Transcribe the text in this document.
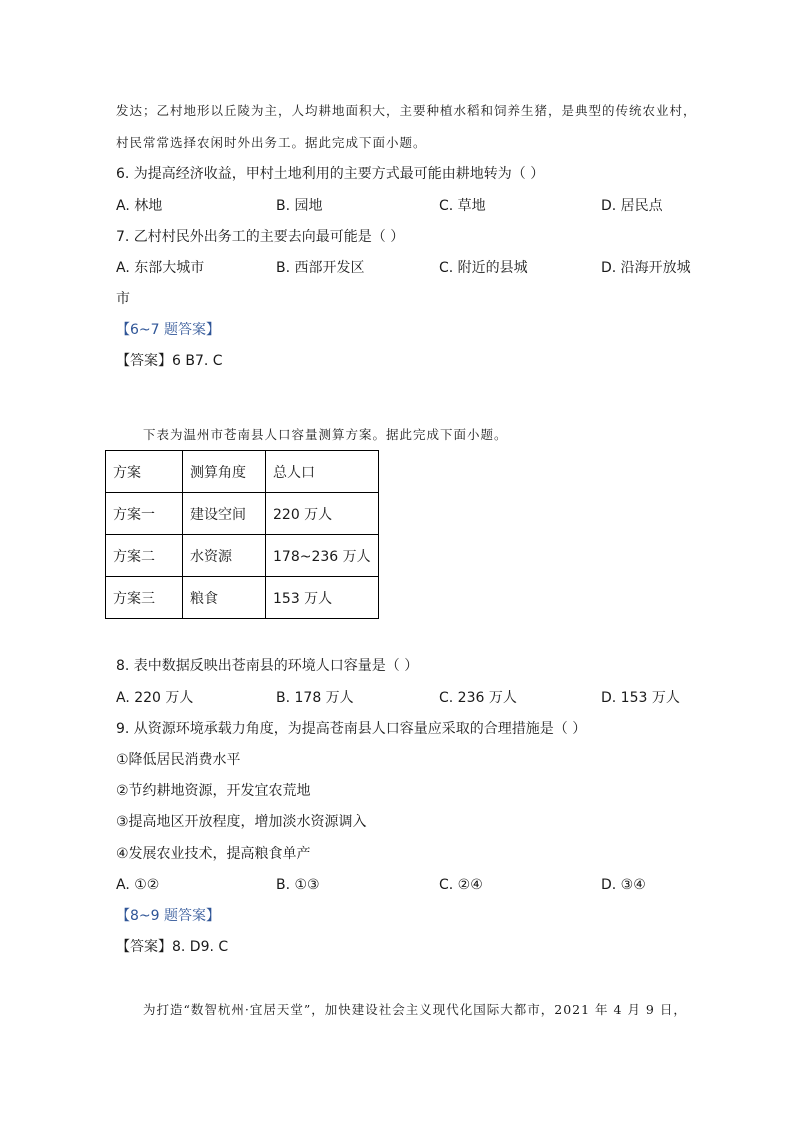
发达；乙村地形以丘陵为主，人均耕地面积大，主要种植水稻和饲养生猪，是典型的传统农业村，
村民常常选择农闲时外出务工。据此完成下面小题。
6. 为提高经济收益，甲村土地利用的主要方式最可能由耕地转为（ ）
A. 林地	B. 园地	C. 草地	D. 居民点
7. 乙村村民外出务工的主要去向最可能是（ ）
A. 东部大城市	B. 西部开发区	C. 附近的县城	D. 沿海开放城
市
【6~7 题答案】
【答案】6 B7. C
下表为温州市苍南县人口容量测算方案。据此完成下面小题。
方案	测算角度	总人口
方案一	建设空间	220 万人
方案二	水资源	178~236 万人
方案三	粮食	153 万人
8. 表中数据反映出苍南县的环境人口容量是（ ）
A. 220 万人	B. 178 万人	C. 236 万人	D. 153 万人
9. 从资源环境承载力角度，为提高苍南县人口容量应采取的合理措施是（ ）
①降低居民消费水平
②节约耕地资源，开发宜农荒地
③提高地区开放程度，增加淡水资源调入
④发展农业技术，提高粮食单产
A. ①②	B. ①③	C. ②④	D. ③④
【8~9 题答案】
【答案】8. D9. C
为打造“数智杭州·宜居天堂”，加快建设社会主义现代化国际大都市，2021 年 4 月 9 日，
